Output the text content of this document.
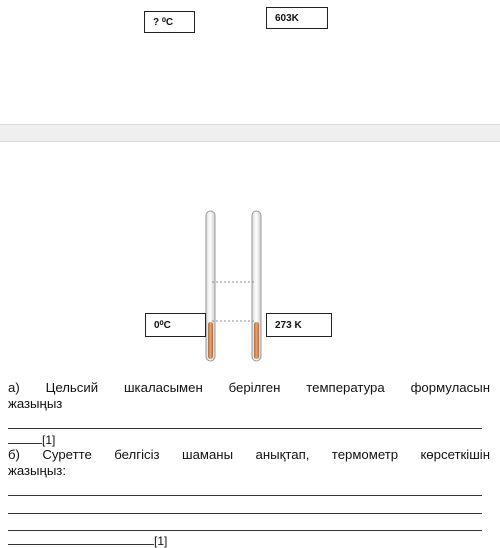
? ⁰C	603K
0⁰C	273 K
а) Цельсий шкаласымен берілген температура формуласын
жазыңыз
[1]
б) Суретте белгісіз шаманы анықтап, термометр көрсеткішін
жазыңыз:
[1]
